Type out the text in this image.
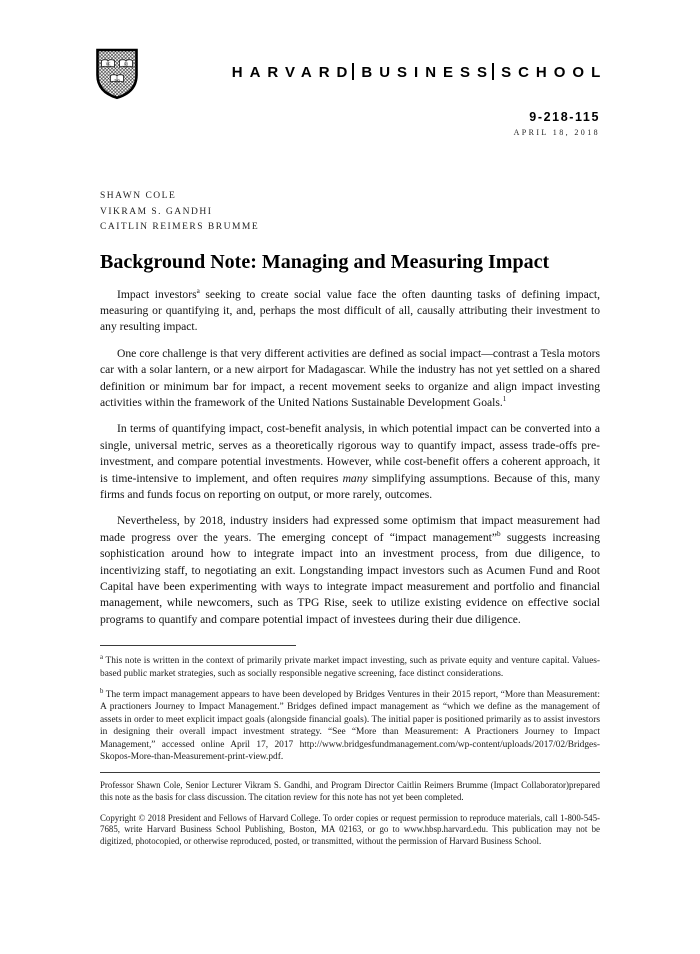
VE	RI
TAS	HARVARD BUSINESS SCHOOL
9-218-115
APRIL 18, 2018
SHAWN COLE
VIKRAM S. GANDHI
CAITLIN REIMERS BRUMME
Background Note: Managing and Measuring Impact

Impact investors$^a$ seeking to create social value face the often daunting tasks of defining impact, measuring or quantifying it, and, perhaps the most difficult of all, causally attributing their investment to any resulting impact.

One core challenge is that very different activities are defined as social impact—contrast a Tesla motors car with a solar lantern, or a new airport for Madagascar. While the industry has not yet settled on a shared definition or minimum bar for impact, a recent movement seeks to organize and align impact investing activities within the framework of the United Nations Sustainable Development Goals.$^1$

In terms of quantifying impact, cost-benefit analysis, in which potential impact can be converted into a single, universal metric, serves as a theoretically rigorous way to quantify impact, assess trade-offs pre-investment, and compare potential investments. However, while cost-benefit offers a coherent approach, it is time-intensive to implement, and often requires many simplifying assumptions. Because of this, many firms and funds focus on reporting on output, or more rarely, outcomes.

Nevertheless, by 2018, industry insiders had expressed some optimism that impact measurement had made progress over the years. The emerging concept of “impact management”$^b$ suggests increasing sophistication around how to integrate impact into an investment process, from due diligence, to incentivizing staff, to negotiating an exit. Longstanding impact investors such as Acumen Fund and Root Capital have been experimenting with ways to integrate impact measurement and portfolio and financial management, while newcomers, such as TPG Rise, seek to utilize existing evidence on effective social programs to quantify and compare potential impact of investees during their due diligence.

$^a$ This note is written in the context of primarily private market impact investing, such as private equity and venture capital. Values-based public market strategies, such as socially responsible negative screening, face distinct considerations.

$^b$ The term impact management appears to have been developed by Bridges Ventures in their 2015 report, “More than Measurement: A practioners Journey to Impact Management.” Bridges defined impact management as “which we define as the management of assets in order to meet explicit impact goals (alongside financial goals). The initial paper is positioned primarily as to assist investors in designing their overall impact investment strategy. “See “More than Measurement: A Practioners Journey to Impact Management,” accessed online April 17, 2017 http://www.bridgesfundmanagement.com/wp-content/uploads/2017/02/Bridges-Skopos-More-than-Measurement-print-view.pdf.

Professor Shawn Cole, Senior Lecturer Vikram S. Gandhi, and Program Director Caitlin Reimers Brumme (Impact Collaborator)prepared this note as the basis for class discussion. The citation review for this note has not yet been completed.

Copyright © 2018 President and Fellows of Harvard College. To order copies or request permission to reproduce materials, call 1-800-545-7685, write Harvard Business School Publishing, Boston, MA 02163, or go to www.hbsp.harvard.edu. This publication may not be digitized, photocopied, or otherwise reproduced, posted, or transmitted, without the permission of Harvard Business School.
